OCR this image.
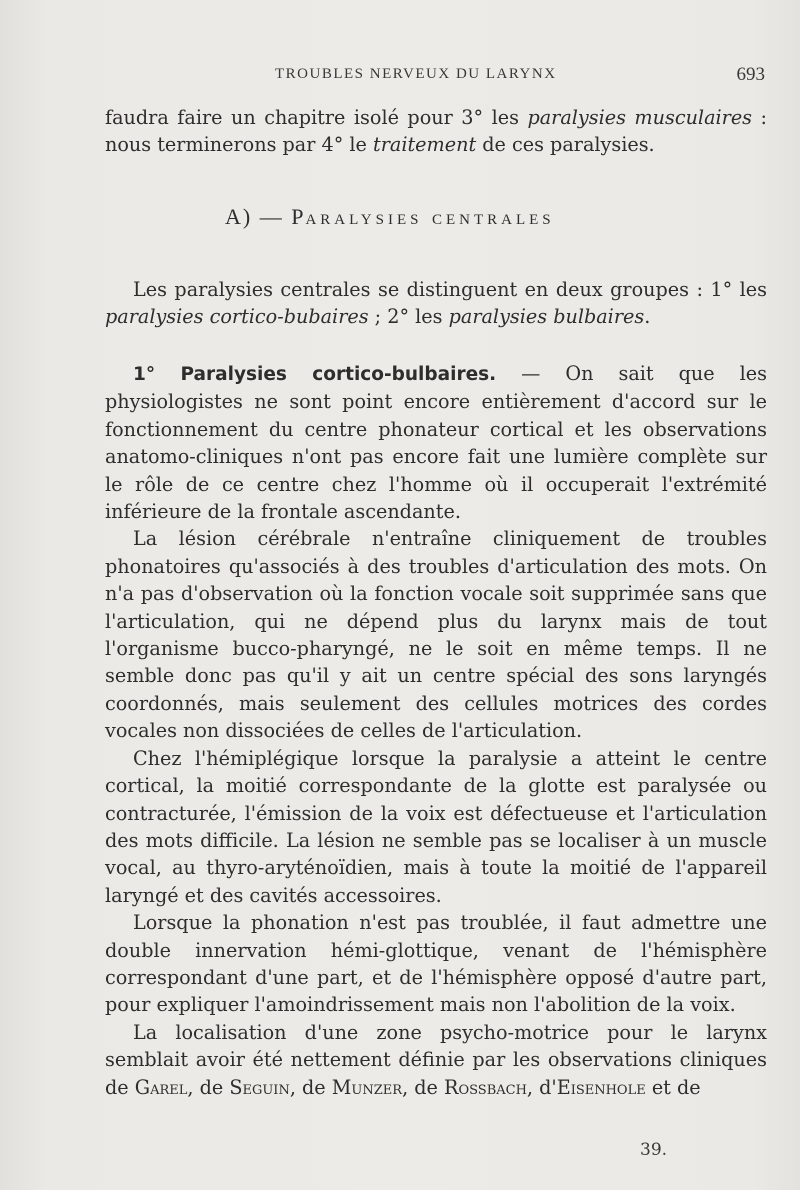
TROUBLES NERVEUX DU LARYNX	693

faudra faire un chapitre isolé pour 3° les paralysies musculaires : nous terminerons par 4° le traitement de ces paralysies.

A) — Paralysies centrales

Les paralysies centrales se distinguent en deux groupes : 1° les paralysies cortico-bubaires ; 2° les paralysies bulbaires.

1° Paralysies cortico-bulbaires. — On sait que les physiologistes ne sont point encore entièrement d'accord sur le fonctionnement du centre phonateur cortical et les observations anatomo-cliniques n'ont pas encore fait une lumière complète sur le rôle de ce centre chez l'homme où il occuperait l'extrémité inférieure de la frontale ascendante.

La lésion cérébrale n'entraîne cliniquement de troubles phonatoires qu'associés à des troubles d'articulation des mots. On n'a pas d'observation où la fonction vocale soit supprimée sans que l'articulation, qui ne dépend plus du larynx mais de tout l'organisme bucco-pharyngé, ne le soit en même temps. Il ne semble donc pas qu'il y ait un centre spécial des sons laryngés coordonnés, mais seulement des cellules motrices des cordes vocales non dissociées de celles de l'articulation.

Chez l'hémiplégique lorsque la paralysie a atteint le centre cortical, la moitié correspondante de la glotte est paralysée ou contracturée, l'émission de la voix est défectueuse et l'articulation des mots difficile. La lésion ne semble pas se localiser à un muscle vocal, au thyro-aryténoïdien, mais à toute la moitié de l'appareil laryngé et des cavités accessoires.

Lorsque la phonation n'est pas troublée, il faut admettre une double innervation hémi-glottique, venant de l'hémisphère correspondant d'une part, et de l'hémisphère opposé d'autre part, pour expliquer l'amoindrissement mais non l'abolition de la voix.

La localisation d'une zone psycho-motrice pour le larynx semblait avoir été nettement définie par les observations cliniques de Garel, de Seguin, de Munzer, de Rossbach, d'Eisenhole et de

39.
